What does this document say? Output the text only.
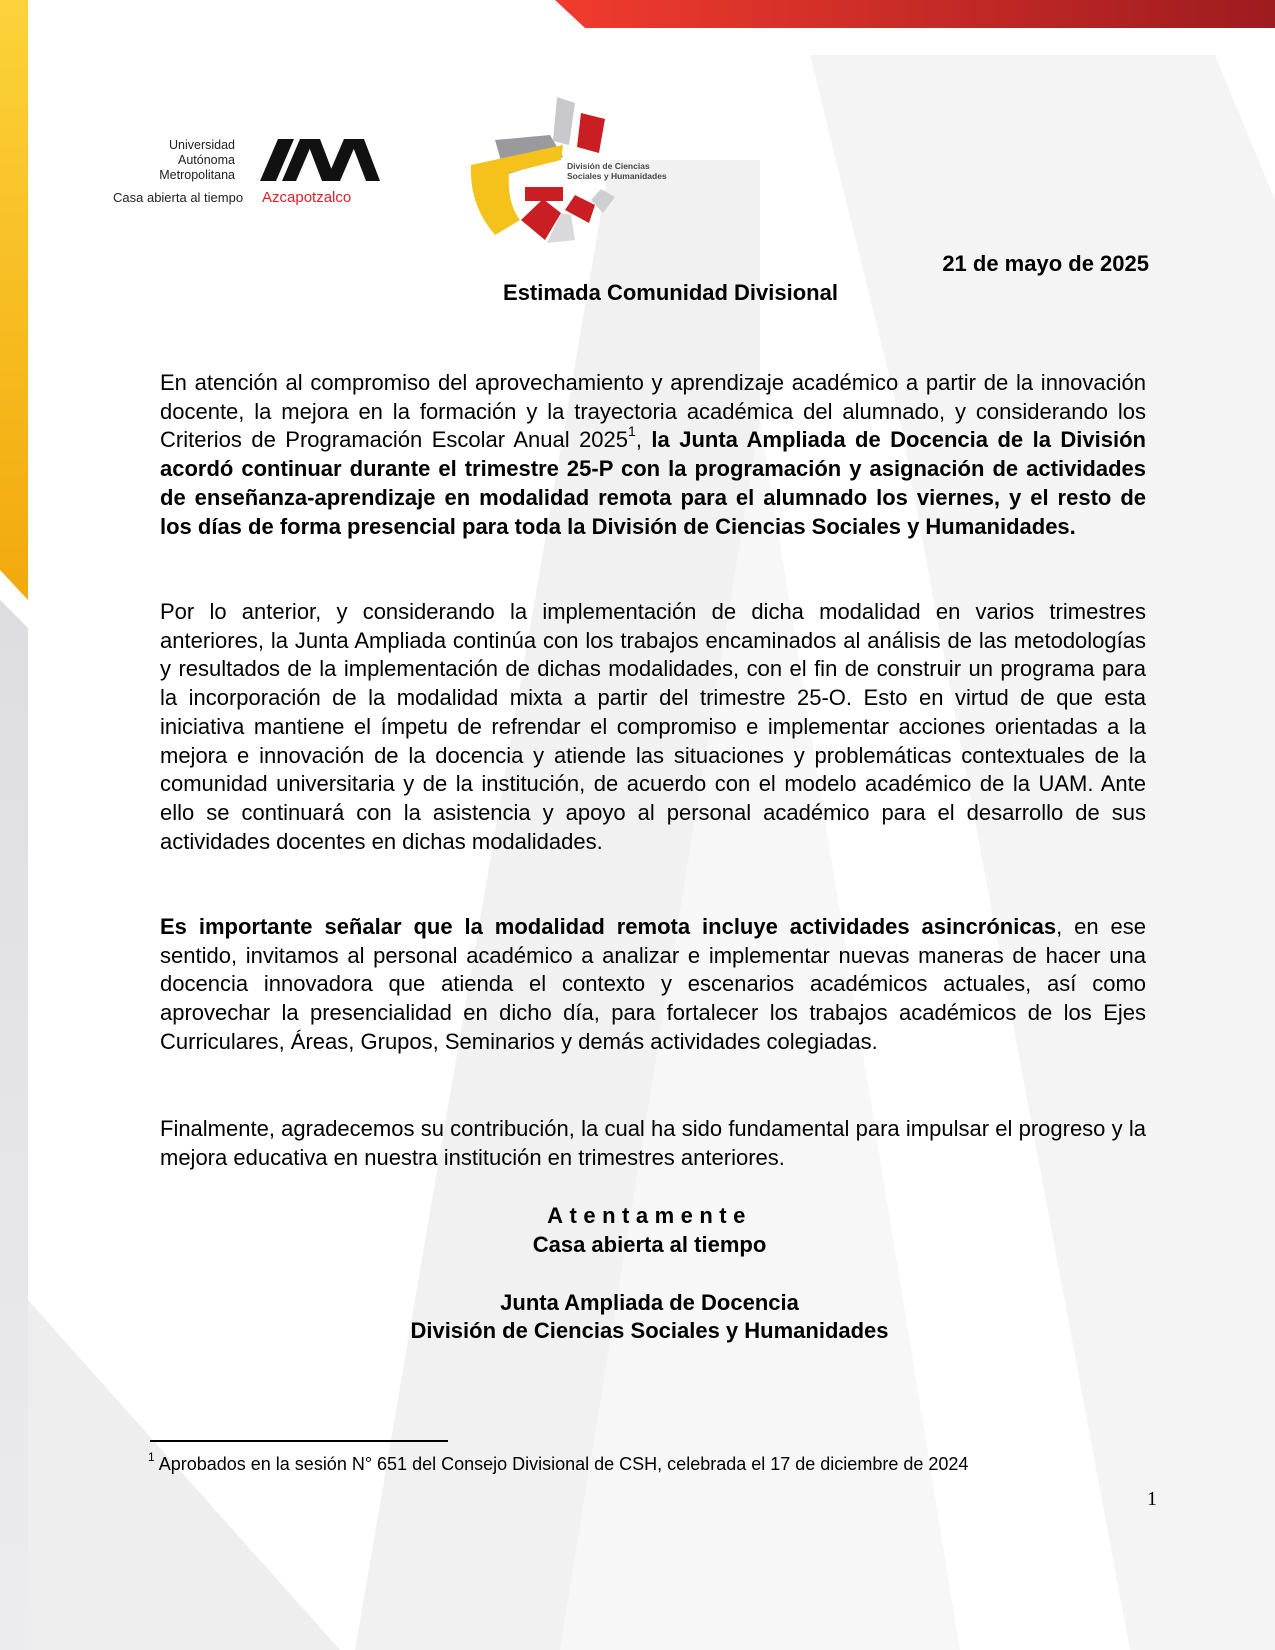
Universidad
Autónoma
Metropolitana
Casa abierta al tiempo Azcapotzalco
División de Ciencias
Sociales y Humanidades
21 de mayo de 2025
Estimada Comunidad Divisional
En atención al compromiso del aprovechamiento y aprendizaje académico a partir de la innovación docente, la mejora en la formación y la trayectoria académica del alumnado, y considerando los Criterios de Programación Escolar Anual 2025$^1$, la Junta Ampliada de Docencia de la División acordó continuar durante el trimestre 25-P con la programación y asignación de actividades de enseñanza-aprendizaje en modalidad remota para el alumnado los viernes, y el resto de los días de forma presencial para toda la División de Ciencias Sociales y Humanidades.
Por lo anterior, y considerando la implementación de dicha modalidad en varios trimestres anteriores, la Junta Ampliada continúa con los trabajos encaminados al análisis de las metodologías y resultados de la implementación de dichas modalidades, con el fin de construir un programa para la incorporación de la modalidad mixta a partir del trimestre 25-O. Esto en virtud de que esta iniciativa mantiene el ímpetu de refrendar el compromiso e implementar acciones orientadas a la mejora e innovación de la docencia y atiende las situaciones y problemáticas contextuales de la comunidad universitaria y de la institución, de acuerdo con el modelo académico de la UAM. Ante ello se continuará con la asistencia y apoyo al personal académico para el desarrollo de sus actividades docentes en dichas modalidades.
Es importante señalar que la modalidad remota incluye actividades asincrónicas, en ese sentido, invitamos al personal académico a analizar e implementar nuevas maneras de hacer una docencia innovadora que atienda el contexto y escenarios académicos actuales, así como aprovechar la presencialidad en dicho día, para fortalecer los trabajos académicos de los Ejes Curriculares, Áreas, Grupos, Seminarios y demás actividades colegiadas.
Finalmente, agradecemos su contribución, la cual ha sido fundamental para impulsar el progreso y la mejora educativa en nuestra institución en trimestres anteriores.
Atentamente
Casa abierta al tiempo
Junta Ampliada de Docencia
División de Ciencias Sociales y Humanidades
$^1$ Aprobados en la sesión N° 651 del Consejo Divisional de CSH, celebrada el 17 de diciembre de 2024
1
